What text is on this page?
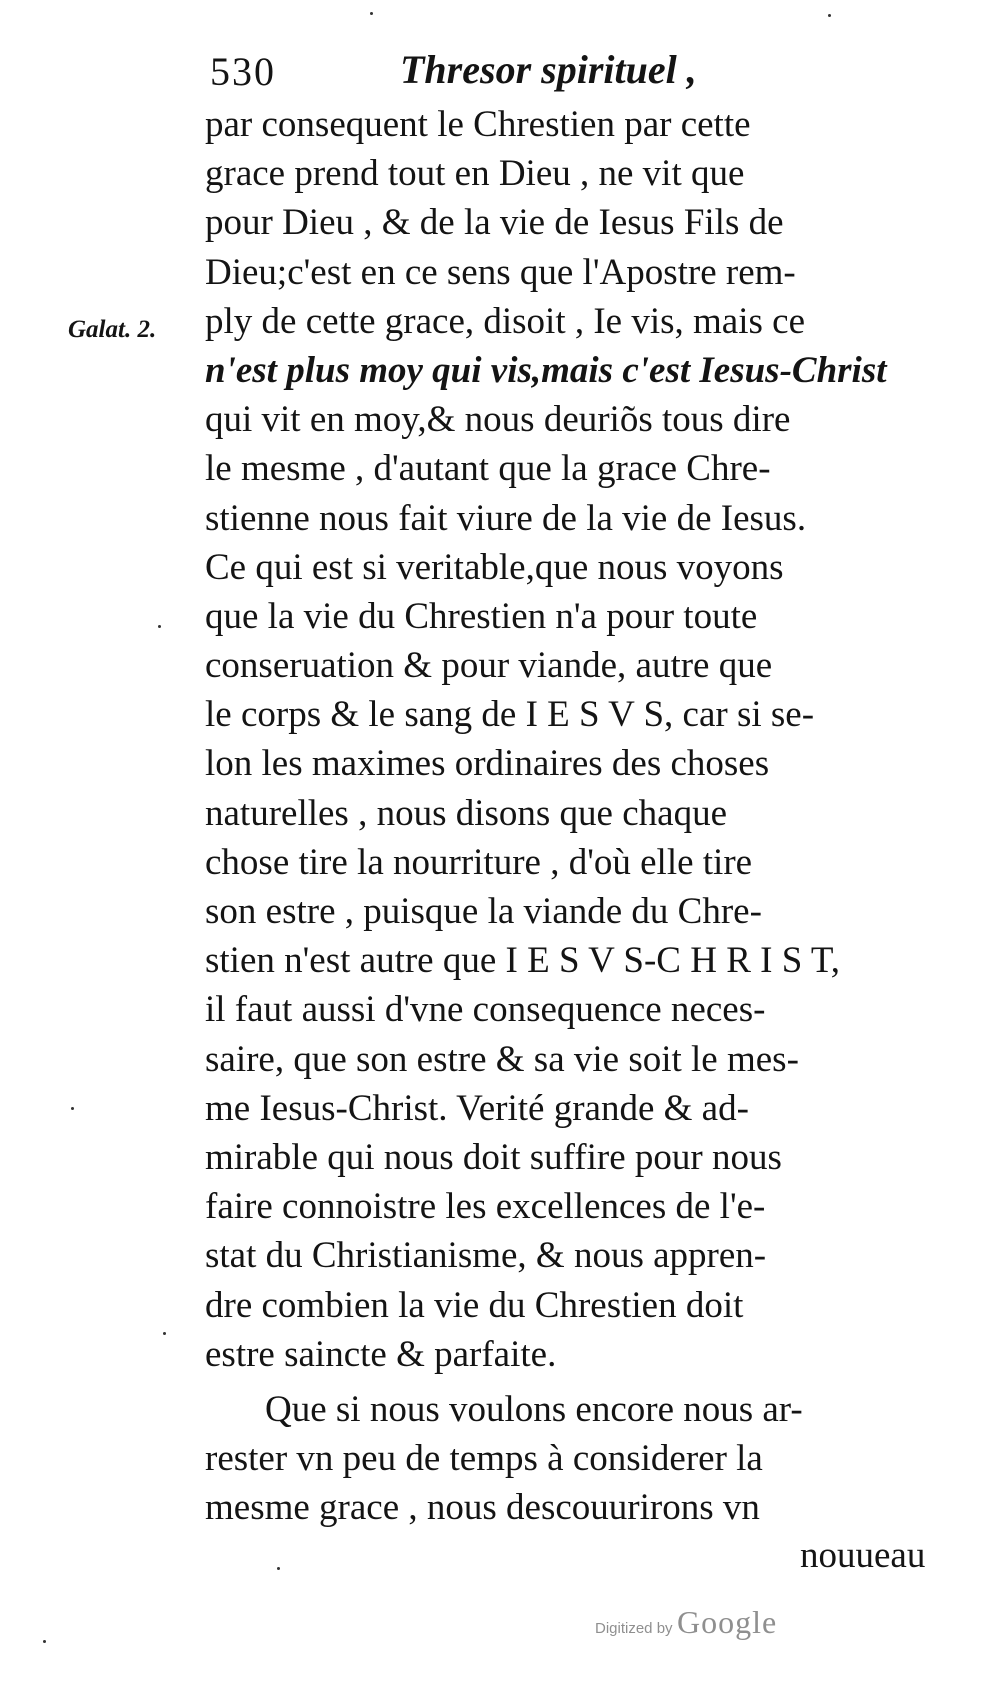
530	Thresor spirituel ,
Galat. 2.
par consequent le Chrestien par cette
grace prend tout en Dieu , ne vit que
pour Dieu , & de la vie de Iesus Fils de
Dieu;c'est en ce sens que l'Apostre rem-
ply de cette grace, disoit , Ie vis, mais ce
n'est plus moy qui vis,mais c'est Iesus-Christ
qui vit en moy,& nous deuriõs tous dire
le mesme , d'autant que la grace Chre-
stienne nous fait viure de la vie de Iesus.
Ce qui est si veritable,que nous voyons
que la vie du Chrestien n'a pour toute
conseruation & pour viande, autre que
le corps & le sang de I E S V S, car si se-
lon les maximes ordinaires des choses
naturelles , nous disons que chaque
chose tire la nourriture , d'où elle tire
son estre , puisque la viande du Chre-
stien n'est autre que I E S V S-C H R I S T,
il faut aussi d'vne consequence neces-
saire, que son estre & sa vie soit le mes-
me Iesus-Christ. Verité grande & ad-
mirable qui nous doit suffire pour nous
faire connoistre les excellences de l'e-
stat du Christianisme, & nous appren-
dre combien la vie du Chrestien doit
estre saincte & parfaite.
Que si nous voulons encore nous ar-
rester vn peu de temps à considerer la
mesme grace , nous descouurirons vn
nouueau
Digitized by Google
